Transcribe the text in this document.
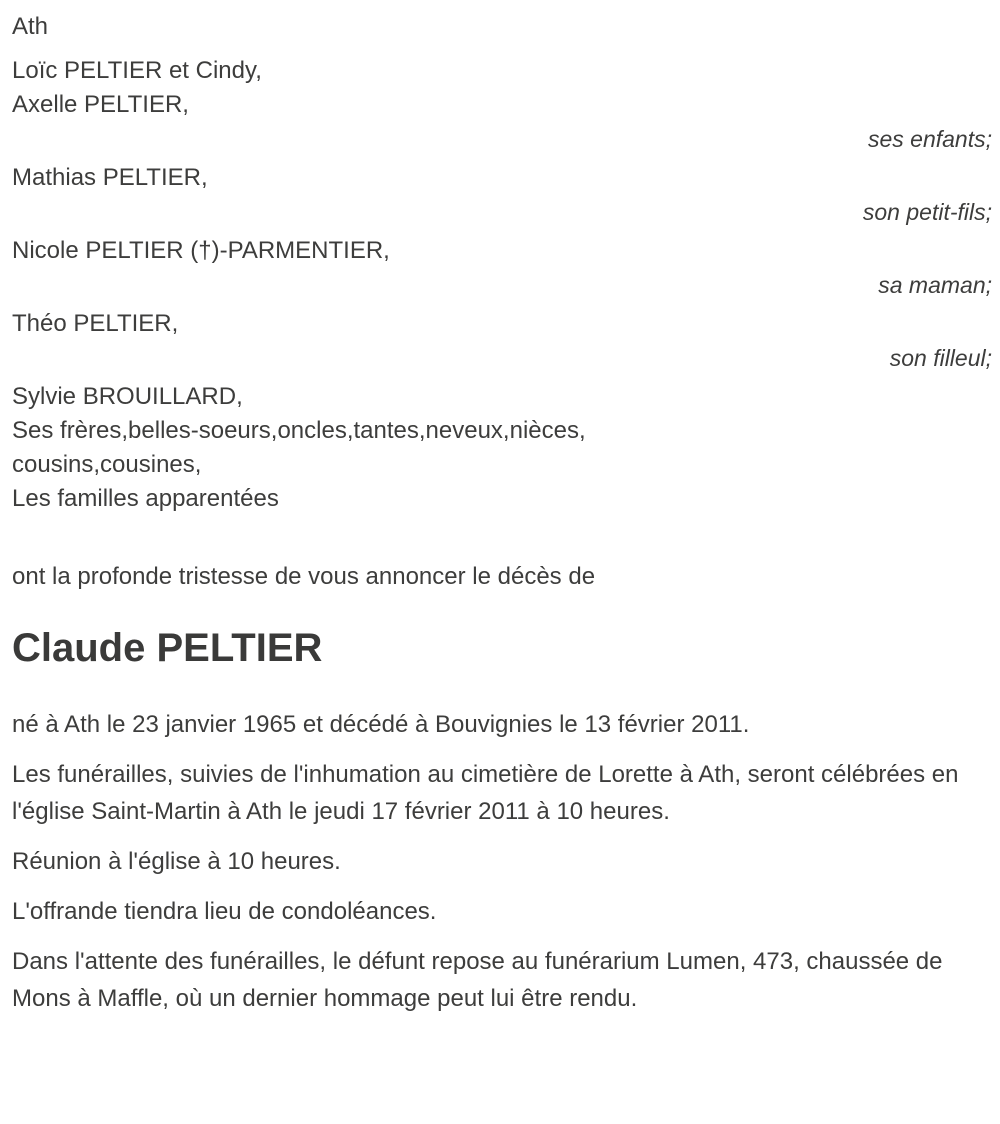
Ath

Loïc PELTIER et Cindy,

Axelle PELTIER,

ses enfants;

Mathias PELTIER,

son petit-fils;

Nicole PELTIER (†)-PARMENTIER,

sa maman;

Théo PELTIER,

son filleul;

Sylvie BROUILLARD,

Ses frères,belles-soeurs,oncles,tantes,neveux,nièces,

cousins,cousines,

Les familles apparentées

ont la profonde tristesse de vous annoncer le décès de

Claude PELTIER

né à Ath le 23 janvier 1965 et décédé à Bouvignies le 13 février 2011.

Les funérailles, suivies de l'inhumation au cimetière de Lorette à Ath, seront célébrées en l'église Saint-Martin à Ath le jeudi 17 février 2011 à 10 heures.

Réunion à l'église à 10 heures.

L'offrande tiendra lieu de condoléances.

Dans l'attente des funérailles, le défunt repose au funérarium Lumen, 473, chaussée de Mons à Maffle, où un dernier hommage peut lui être rendu.
